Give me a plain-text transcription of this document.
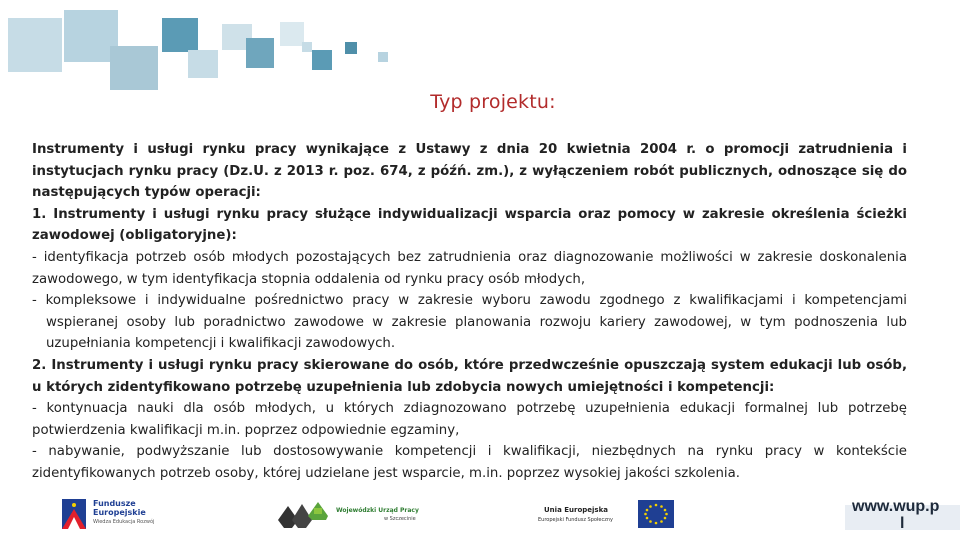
Typ projektu:

Instrumenty i usługi rynku pracy wynikające z Ustawy z dnia 20 kwietnia 2004 r. o promocji zatrudnienia i instytucjach rynku pracy (Dz.U. z 2013 r. poz. 674, z późń. zm.), z wyłączeniem robót publicznych, odnoszące się do następujących typów operacji:

1. Instrumenty i usługi rynku pracy służące indywidualizacji wsparcia oraz pomocy w zakresie określenia ścieżki zawodowej (obligatoryjne):

- identyfikacja potrzeb osób młodych pozostających bez zatrudnienia oraz diagnozowanie możliwości w zakresie doskonalenia zawodowego, w tym identyfikacja stopnia oddalenia od rynku pracy osób młodych,

- kompleksowe i indywidualne pośrednictwo pracy w zakresie wyboru zawodu zgodnego z kwalifikacjami i kompetencjami wspieranej osoby lub poradnictwo zawodowe w zakresie planowania rozwoju kariery zawodowej, w tym podnoszenia lub uzupełniania kompetencji i kwalifikacji zawodowych.

2. Instrumenty i usługi rynku pracy skierowane do osób, które przedwcześnie opuszczają system edukacji lub osób, u których zidentyfikowano potrzebę uzupełnienia lub zdobycia nowych umiejętności i kompetencji:

- kontynuacja nauki dla osób młodych, u których zdiagnozowano potrzebę uzupełnienia edukacji formalnej lub potrzebę potwierdzenia kwalifikacji m.in. poprzez odpowiednie egzaminy,

- nabywanie, podwyższanie lub dostosowywanie kompetencji i kwalifikacji, niezbędnych na rynku pracy w kontekście zidentyfikowanych potrzeb osoby, której udzielane jest wsparcie, m.in. poprzez wysokiej jakości szkolenia.

Fundusze
Europejskie
Wiedza Edukacja Rozwój
Wojewódzki Urząd Pracy
w Szczecinie
Unia Europejska
Europejski Fundusz Społeczny
www.wup.p
l
